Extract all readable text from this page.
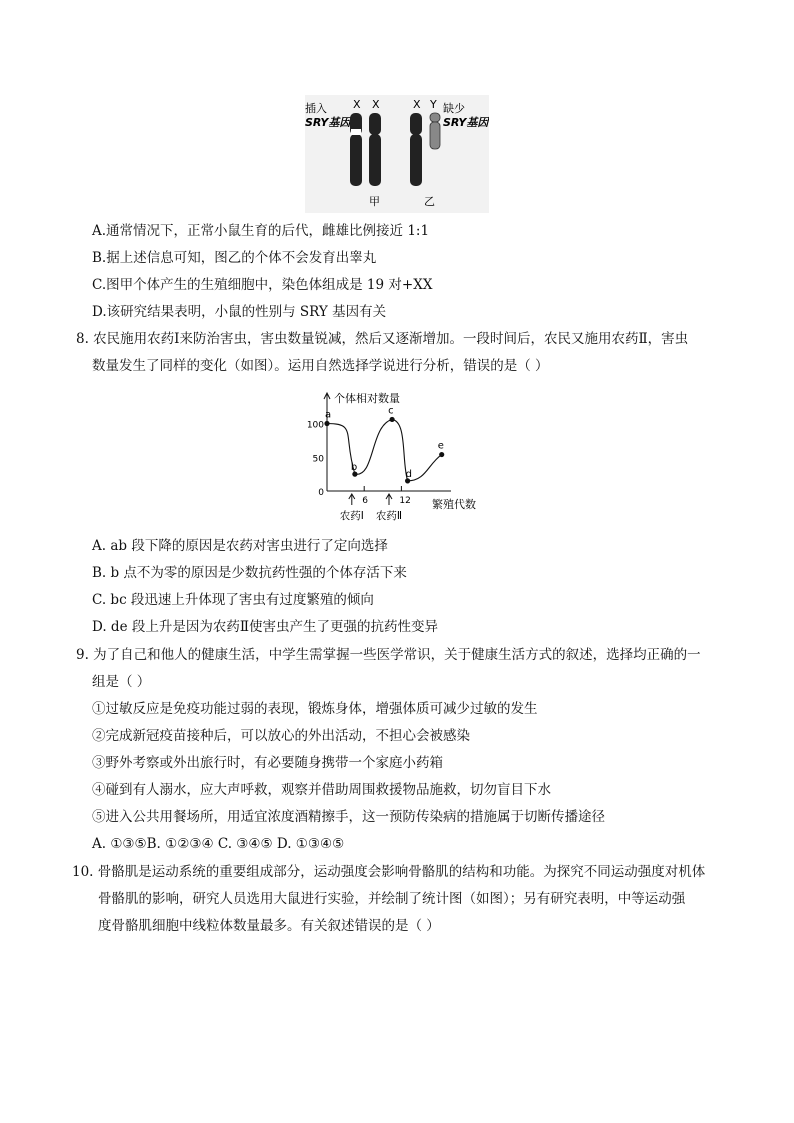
插入
SRY基因
X X	X Y 缺少
SRY基因
甲	乙
A.通常情况下，正常小鼠生育的后代，雌雄比例接近 1:1
B.据上述信息可知，图乙的个体不会发育出睾丸
C.图甲个体产生的生殖细胞中，染色体组成是 19 对+XX
D.该研究结果表明，小鼠的性别与 SRY 基因有关
8. 农民施用农药Ⅰ来防治害虫，害虫数量锐减，然后又逐渐增加。一段时间后，农民又施用农药Ⅱ，害虫
数量发生了同样的变化（如图）。运用自然选择学说进行分析，错误的是（ ）
个体相对数量
繁殖代数
100
50
0
6	12
a
b
c
d
e
农药Ⅰ 农药Ⅱ
A. ab 段下降的原因是农药对害虫进行了定向选择
B. b 点不为零的原因是少数抗药性强的个体存活下来
C. bc 段迅速上升体现了害虫有过度繁殖的倾向
D. de 段上升是因为农药Ⅱ使害虫产生了更强的抗药性变异
9. 为了自己和他人的健康生活，中学生需掌握一些医学常识，关于健康生活方式的叙述，选择均正确的一
组是（ ）
①过敏反应是免疫功能过弱的表现，锻炼身体，增强体质可减少过敏的发生
②完成新冠疫苗接种后，可以放心的外出活动，不担心会被感染
③野外考察或外出旅行时，有必要随身携带一个家庭小药箱
④碰到有人溺水，应大声呼救，观察并借助周围救援物品施救，切勿盲目下水
⑤进入公共用餐场所，用适宜浓度酒精擦手，这一预防传染病的措施属于切断传播途径
A. ①③⑤B. ①②③④ C. ③④⑤ D. ①③④⑤
10. 骨骼肌是运动系统的重要组成部分，运动强度会影响骨骼肌的结构和功能。为探究不同运动强度对机体
骨骼肌的影响，研究人员选用大鼠进行实验，并绘制了统计图（如图）；另有研究表明，中等运动强
度骨骼肌细胞中线粒体数量最多。有关叙述错误的是（ ）
